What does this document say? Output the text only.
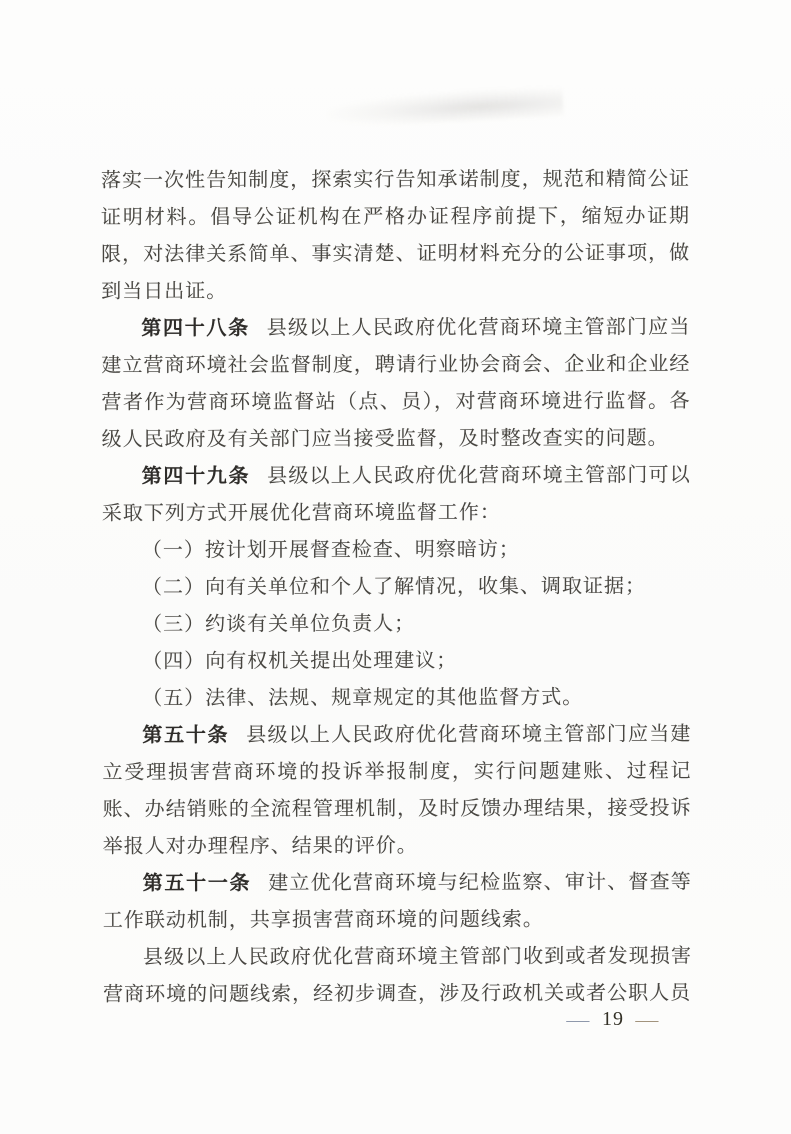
落实一次性告知制度，探索实行告知承诺制度，规范和精简公证证明材料。倡导公证机构在严格办证程序前提下，缩短办证期限，对法律关系简单、事实清楚、证明材料充分的公证事项，做到当日出证。

第四十八条 县级以上人民政府优化营商环境主管部门应当建立营商环境社会监督制度，聘请行业协会商会、企业和企业经营者作为营商环境监督站（点、员），对营商环境进行监督。各级人民政府及有关部门应当接受监督，及时整改查实的问题。

第四十九条 县级以上人民政府优化营商环境主管部门可以采取下列方式开展优化营商环境监督工作：

（一）按计划开展督查检查、明察暗访；

（二）向有关单位和个人了解情况，收集、调取证据；

（三）约谈有关单位负责人；

（四）向有权机关提出处理建议；

（五）法律、法规、规章规定的其他监督方式。

第五十条 县级以上人民政府优化营商环境主管部门应当建立受理损害营商环境的投诉举报制度，实行问题建账、过程记账、办结销账的全流程管理机制，及时反馈办理结果，接受投诉举报人对办理程序、结果的评价。

第五十一条 建立优化营商环境与纪检监察、审计、督查等工作联动机制，共享损害营商环境的问题线索。

县级以上人民政府优化营商环境主管部门收到或者发现损害营商环境的问题线索，经初步调查，涉及行政机关或者公职人员

— 19 —
